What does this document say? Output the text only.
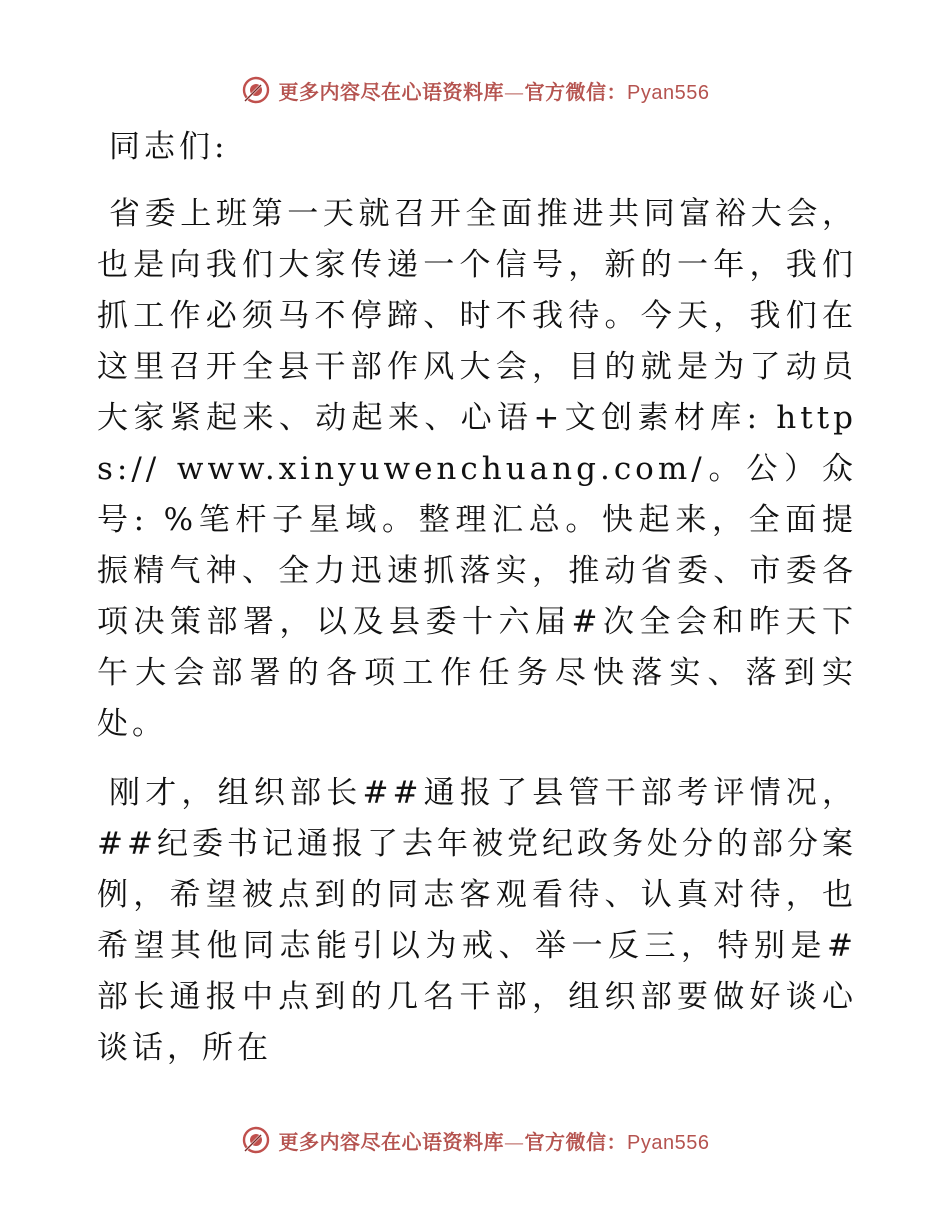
更多内容尽在心语资料库—官方微信：Pyan556

同志们:

省委上班第一天就召开全面推进共同富裕大会，也是向我们大家传递一个信号，新的一年，我们抓工作必须马不停蹄、时不我待。今天，我们在这里召开全县干部作风大会，目的就是为了动员大家紧起来、动起来、心语+文创素材库: https:// www.xinyuwenchuang.com/。公）众号: %笔杆子星域。整理汇总。快起来，全面提振精气神、全力迅速抓落实，推动省委、市委各项决策部署，以及县委十六届#次全会和昨天下午大会部署的各项工作任务尽快落实、落到实处。

刚才，组织部长##通报了县管干部考评情况，##纪委书记通报了去年被党纪政务处分的部分案例，希望被点到的同志客观看待、认真对待，也希望其他同志能引以为戒、举一反三，特别是#部长通报中点到的几名干部，组织部要做好谈心谈话，所在

更多内容尽在心语资料库—官方微信：Pyan556
